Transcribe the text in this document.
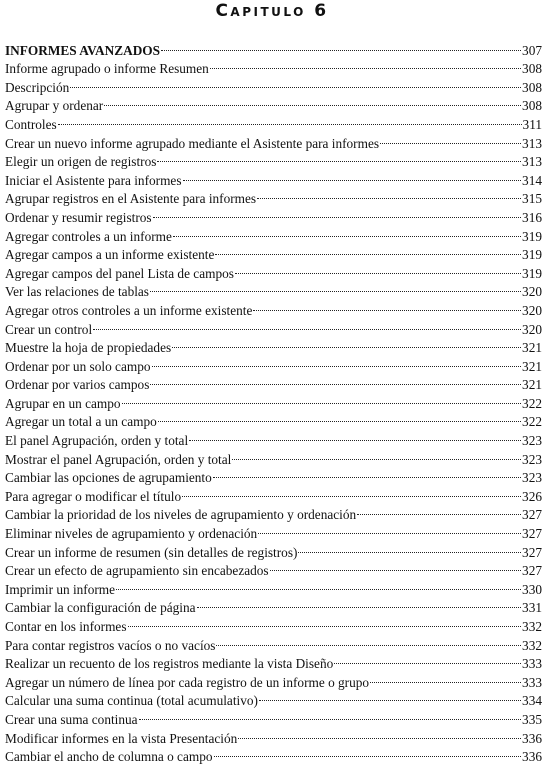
Capitulo 6
INFORMES AVANZADOS	307
Informe agrupado o informe Resumen	308
Descripción	308
Agrupar y ordenar	308
Controles	311
Crear un nuevo informe agrupado mediante el Asistente para informes	313
Elegir un origen de registros	313
Iniciar el Asistente para informes	314
Agrupar registros en el Asistente para informes	315
Ordenar y resumir registros	316
Agregar controles a un informe	319
Agregar campos a un informe existente	319
Agregar campos del panel Lista de campos	319
Ver las relaciones de tablas	320
Agregar otros controles a un informe existente	320
Crear un control	320
Muestre la hoja de propiedades	321
Ordenar por un solo campo	321
Ordenar por varios campos	321
Agrupar en un campo	322
Agregar un total a un campo	322
El panel Agrupación, orden y total	323
Mostrar el panel Agrupación, orden y total	323
Cambiar las opciones de agrupamiento	323
Para agregar o modificar el título	326
Cambiar la prioridad de los niveles de agrupamiento y ordenación	327
Eliminar niveles de agrupamiento y ordenación	327
Crear un informe de resumen (sin detalles de registros)	327
Crear un efecto de agrupamiento sin encabezados	327
Imprimir un informe	330
Cambiar la configuración de página	331
Contar en los informes	332
Para contar registros vacíos o no vacíos	332
Realizar un recuento de los registros mediante la vista Diseño	333
Agregar un número de línea por cada registro de un informe o grupo	333
Calcular una suma continua (total acumulativo)	334
Crear una suma continua	335
Modificar informes en la vista Presentación	336
Cambiar el ancho de columna o campo	336
